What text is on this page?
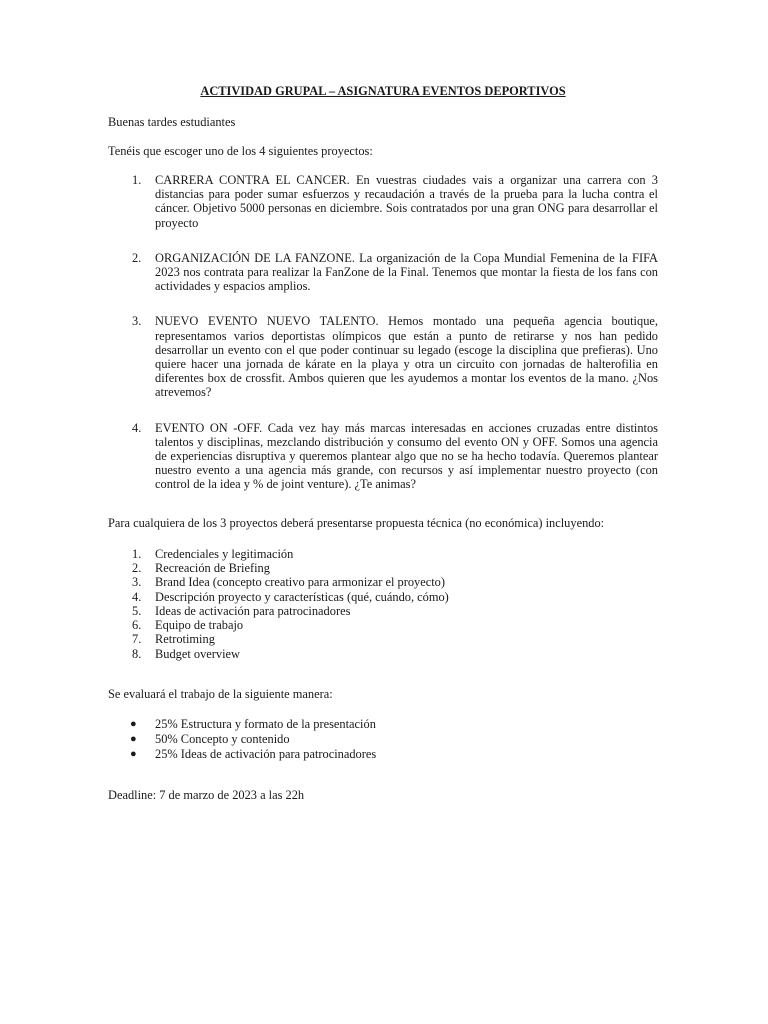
ACTIVIDAD GRUPAL – ASIGNATURA EVENTOS DEPORTIVOS

Buenas tardes estudiantes

Tenéis que escoger uno de los 4 siguientes proyectos:

1. CARRERA CONTRA EL CANCER. En vuestras ciudades vais a organizar una carrera con 3 distancias para poder sumar esfuerzos y recaudación a través de la prueba para la lucha contra el cáncer. Objetivo 5000 personas en diciembre. Sois contratados por una gran ONG para desarrollar el proyecto
2. ORGANIZACIÓN DE LA FANZONE. La organización de la Copa Mundial Femenina de la FIFA 2023 nos contrata para realizar la FanZone de la Final. Tenemos que montar la fiesta de los fans con actividades y espacios amplios.
3. NUEVO EVENTO NUEVO TALENTO. Hemos montado una pequeña agencia boutique, representamos varios deportistas olímpicos que están a punto de retirarse y nos han pedido desarrollar un evento con el que poder continuar su legado (escoge la disciplina que prefieras). Uno quiere hacer una jornada de kárate en la playa y otra un circuito con jornadas de halterofilia en diferentes box de crossfit. Ambos quieren que les ayudemos a montar los eventos de la mano. ¿Nos atrevemos?
4. EVENTO ON -OFF. Cada vez hay más marcas interesadas en acciones cruzadas entre distintos talentos y disciplinas, mezclando distribución y consumo del evento ON y OFF. Somos una agencia de experiencias disruptiva y queremos plantear algo que no se ha hecho todavía. Queremos plantear nuestro evento a una agencia más grande, con recursos y así implementar nuestro proyecto (con control de la idea y % de joint venture). ¿Te animas?

Para cualquiera de los 3 proyectos deberá presentarse propuesta técnica (no económica) incluyendo:

1. Credenciales y legitimación
2. Recreación de Briefing
3. Brand Idea (concepto creativo para armonizar el proyecto)
4. Descripción proyecto y características (qué, cuándo, cómo)
5. Ideas de activación para patrocinadores
6. Equipo de trabajo
7. Retrotiming
8. Budget overview

Se evaluará el trabajo de la siguiente manera:

● 25% Estructura y formato de la presentación
● 50% Concepto y contenido
● 25% Ideas de activación para patrocinadores

Deadline: 7 de marzo de 2023 a las 22h
